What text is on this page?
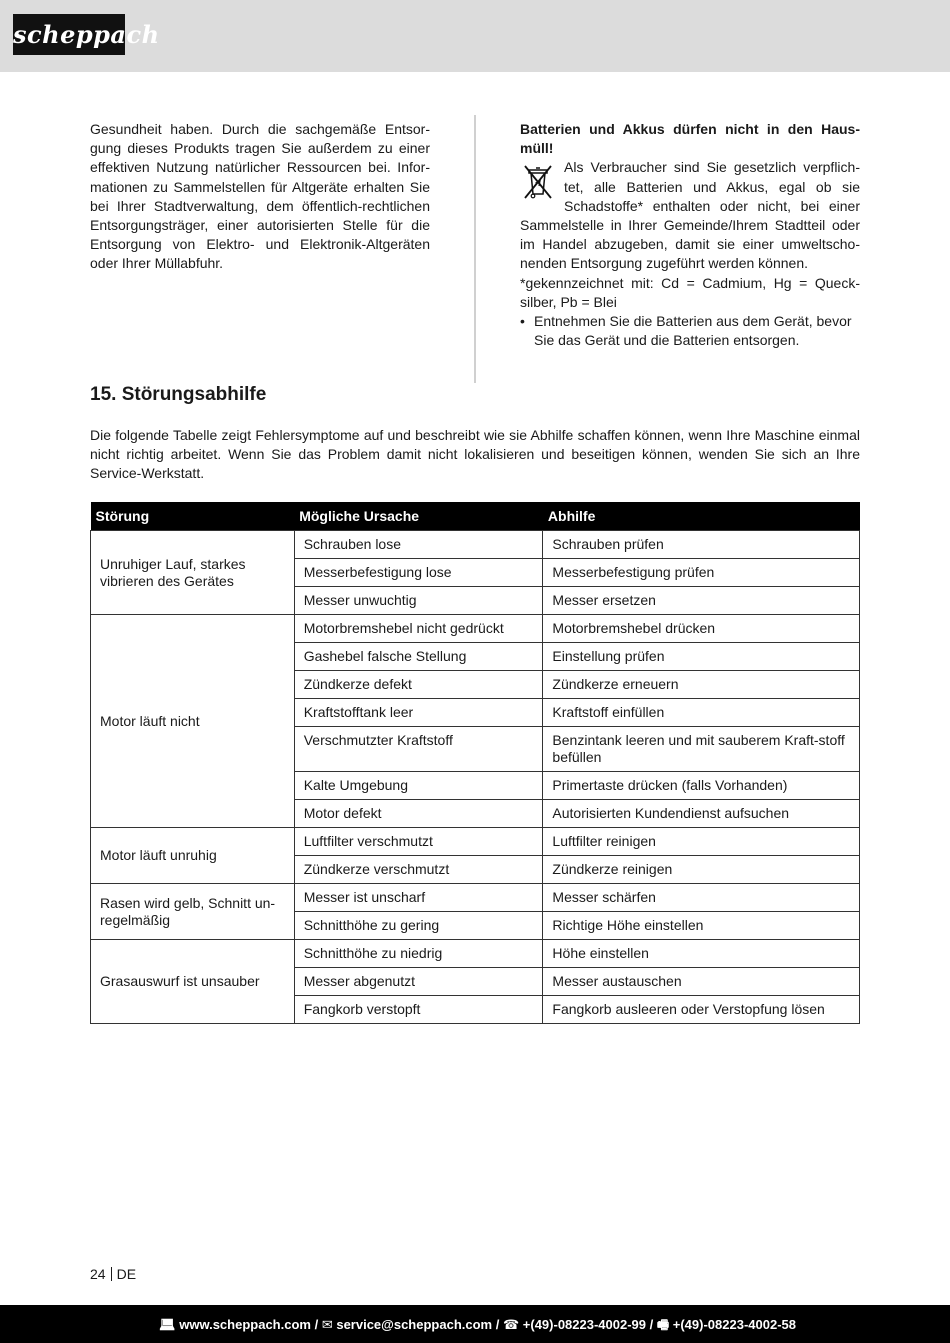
scheppach
Gesundheit haben. Durch die sachgemäße Entsor-gung dieses Produkts tragen Sie außerdem zu einer effektiven Nutzung natürlicher Ressourcen bei. Infor-mationen zu Sammelstellen für Altgeräte erhalten Sie bei Ihrer Stadtverwaltung, dem öffentlich-rechtlichen Entsorgungsträger, einer autorisierten Stelle für die Entsorgung von Elektro- und Elektronik-Altgeräten oder Ihrer Müllabfuhr.
Batterien und Akkus dürfen nicht in den Haus-müll!
Als Verbraucher sind Sie gesetzlich verpflich-tet, alle Batterien und Akkus, egal ob sie Schadstoffe* enthalten oder nicht, bei einer Sammelstelle in Ihrer Gemeinde/Ihrem Stadtteil oder im Handel abzugeben, damit sie einer umweltscho-nenden Entsorgung zugeführt werden können.
*gekennzeichnet mit: Cd = Cadmium, Hg = Queck-silber, Pb = Blei
• Entnehmen Sie die Batterien aus dem Gerät, bevor Sie das Gerät und die Batterien entsorgen.
15. Störungsabhilfe
Die folgende Tabelle zeigt Fehlersymptome auf und beschreibt wie sie Abhilfe schaffen können, wenn Ihre Maschine einmal nicht richtig arbeitet. Wenn Sie das Problem damit nicht lokalisieren und beseitigen können, wenden Sie sich an Ihre Service-Werkstatt.
Störung	Mögliche Ursache	Abhilfe
Unruhiger Lauf, starkes vibrieren des Gerätes	Schrauben lose	Schrauben prüfen
	Messerbefestigung lose	Messerbefestigung prüfen
	Messer unwuchtig	Messer ersetzen
Motor läuft nicht	Motorbremshebel nicht gedrückt	Motorbremshebel drücken
	Gashebel falsche Stellung	Einstellung prüfen
	Zündkerze defekt	Zündkerze erneuern
	Kraftstofftank leer	Kraftstoff einfüllen
	Verschmutzter Kraftstoff	Benzintank leeren und mit sauberem Kraft-stoff befüllen
	Kalte Umgebung	Primertaste drücken (falls Vorhanden)
	Motor defekt	Autorisierten Kundendienst aufsuchen
Motor läuft unruhig	Luftfilter verschmutzt	Luftfilter reinigen
	Zündkerze verschmutzt	Zündkerze reinigen
Rasen wird gelb, Schnitt un-regelmäßig	Messer ist unscharf	Messer schärfen
	Schnitthöhe zu gering	Richtige Höhe einstellen
Grasauswurf ist unsauber	Schnitthöhe zu niedrig	Höhe einstellen
	Messer abgenutzt	Messer austauschen
	Fangkorb verstopft	Fangkorb ausleeren oder Verstopfung lösen
24 DE
💻︎ www.scheppach.com / ✉︎ service@scheppach.com / ☎︎ +(49)-08223-4002-99 / 🖷︎ +(49)-08223-4002-58
